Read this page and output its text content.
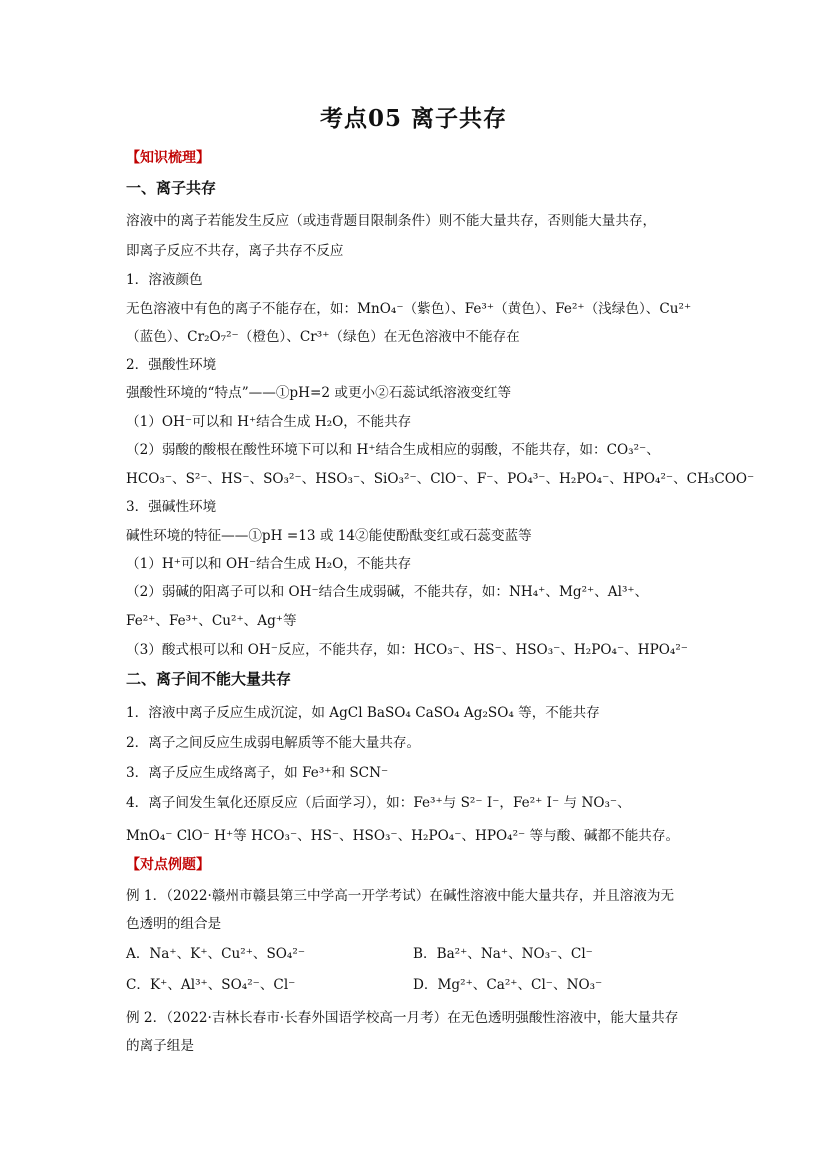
考点05 离子共存
【知识梳理】
一、离子共存
溶液中的离子若能发生反应（或违背题目限制条件）则不能大量共存，否则能大量共存，
即离子反应不共存，离子共存不反应
1．溶液颜色
无色溶液中有色的离子不能存在，如：MnO₄⁻（紫色）、Fe³⁺（黄色）、Fe²⁺（浅绿色）、Cu²⁺
（蓝色）、Cr₂O₇²⁻（橙色）、Cr³⁺（绿色）在无色溶液中不能存在
2．强酸性环境
强酸性环境的“特点”——①pH=2 或更小②石蕊试纸溶液变红等
（1）OH⁻可以和 H⁺结合生成 H₂O，不能共存
（2）弱酸的酸根在酸性环境下可以和 H⁺结合生成相应的弱酸，不能共存，如：CO₃²⁻、
HCO₃⁻、S²⁻、HS⁻、SO₃²⁻、HSO₃⁻、SiO₃²⁻、ClO⁻、F⁻、PO₄³⁻、H₂PO₄⁻、HPO₄²⁻、CH₃COO⁻
3．强碱性环境
碱性环境的特征——①pH =13 或 14②能使酚酞变红或石蕊变蓝等
（1）H⁺可以和 OH⁻结合生成 H₂O，不能共存
（2）弱碱的阳离子可以和 OH⁻结合生成弱碱，不能共存，如：NH₄⁺、Mg²⁺、Al³⁺、
Fe²⁺、Fe³⁺、Cu²⁺、Ag⁺等
（3）酸式根可以和 OH⁻反应，不能共存，如：HCO₃⁻、HS⁻、HSO₃⁻、H₂PO₄⁻、HPO₄²⁻
二、离子间不能大量共存
1．溶液中离子反应生成沉淀，如 AgCl BaSO₄ CaSO₄ Ag₂SO₄ 等，不能共存
2．离子之间反应生成弱电解质等不能大量共存。
3．离子反应生成络离子，如 Fe³⁺和 SCN⁻
4．离子间发生氧化还原反应（后面学习），如：Fe³⁺与 S²⁻ I⁻，Fe²⁺ I⁻ 与 NO₃⁻、
MnO₄⁻ ClO⁻ H⁺等 HCO₃⁻、HS⁻、HSO₃⁻、H₂PO₄⁻、HPO₄²⁻ 等与酸、碱都不能共存。
【对点例题】
例 1．（2022·赣州市赣县第三中学高一开学考试）在碱性溶液中能大量共存，并且溶液为无
色透明的组合是
A．Na⁺、K⁺、Cu²⁺、SO₄²⁻	B．Ba²⁺、Na⁺、NO₃⁻、Cl⁻
C．K⁺、Al³⁺、SO₄²⁻、Cl⁻	D．Mg²⁺、Ca²⁺、Cl⁻、NO₃⁻
例 2．（2022·吉林长春市·长春外国语学校高一月考）在无色透明强酸性溶液中，能大量共存
的离子组是
